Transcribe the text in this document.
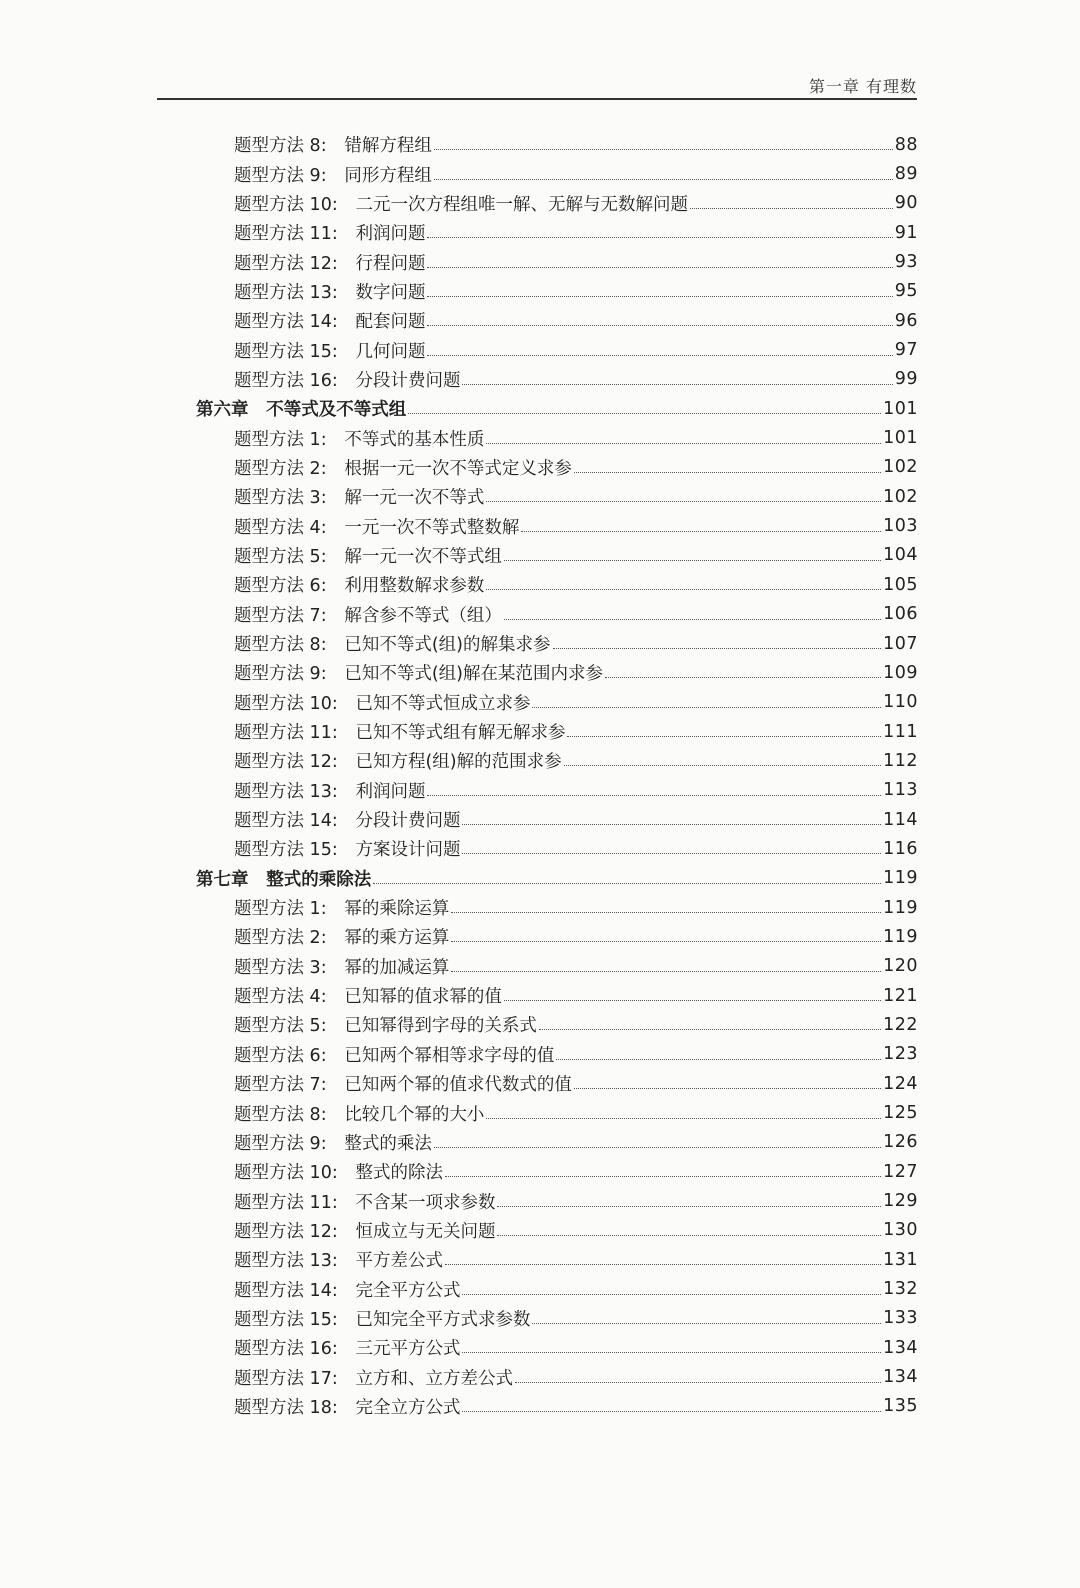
第一章 有理数
题型方法 8: 错解方程组	88
题型方法 9: 同形方程组	89
题型方法 10: 二元一次方程组唯一解、无解与无数解问题	90
题型方法 11: 利润问题	91
题型方法 12: 行程问题	93
题型方法 13: 数字问题	95
题型方法 14: 配套问题	96
题型方法 15: 几何问题	97
题型方法 16: 分段计费问题	99
第六章 不等式及不等式组	101
题型方法 1: 不等式的基本性质	101
题型方法 2: 根据一元一次不等式定义求参	102
题型方法 3: 解一元一次不等式	102
题型方法 4: 一元一次不等式整数解	103
题型方法 5: 解一元一次不等式组	104
题型方法 6: 利用整数解求参数	105
题型方法 7: 解含参不等式（组）	106
题型方法 8: 已知不等式(组)的解集求参	107
题型方法 9: 已知不等式(组)解在某范围内求参	109
题型方法 10: 已知不等式恒成立求参	110
题型方法 11: 已知不等式组有解无解求参	111
题型方法 12: 已知方程(组)解的范围求参	112
题型方法 13: 利润问题	113
题型方法 14: 分段计费问题	114
题型方法 15: 方案设计问题	116
第七章 整式的乘除法	119
题型方法 1: 幂的乘除运算	119
题型方法 2: 幂的乘方运算	119
题型方法 3: 幂的加减运算	120
题型方法 4: 已知幂的值求幂的值	121
题型方法 5: 已知幂得到字母的关系式	122
题型方法 6: 已知两个幂相等求字母的值	123
题型方法 7: 已知两个幂的值求代数式的值	124
题型方法 8: 比较几个幂的大小	125
题型方法 9: 整式的乘法	126
题型方法 10: 整式的除法	127
题型方法 11: 不含某一项求参数	129
题型方法 12: 恒成立与无关问题	130
题型方法 13: 平方差公式	131
题型方法 14: 完全平方公式	132
题型方法 15: 已知完全平方式求参数	133
题型方法 16: 三元平方公式	134
题型方法 17: 立方和、立方差公式	134
题型方法 18: 完全立方公式	135
